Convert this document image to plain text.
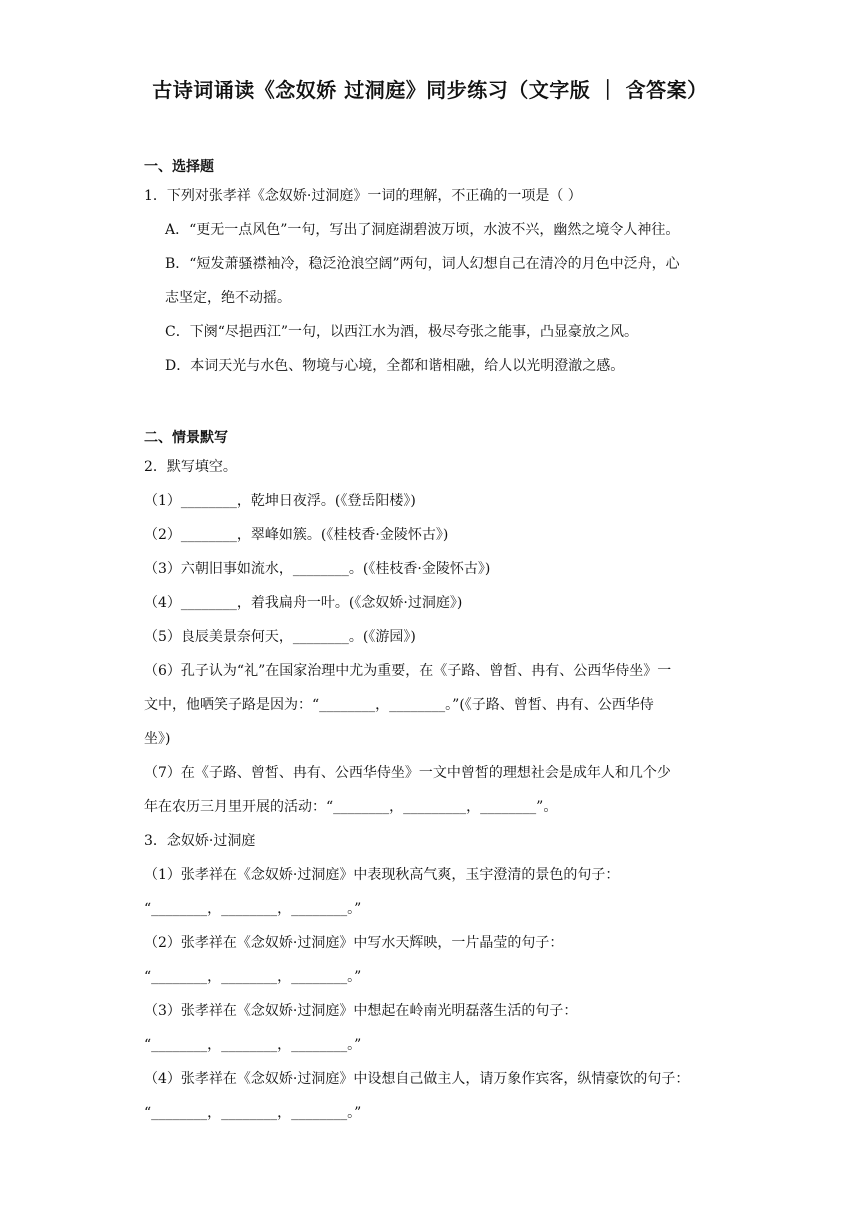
古诗词诵读《念奴娇 过洞庭》同步练习（文字版 ｜ 含答案）
一、选择题
1．下列对张孝祥《念奴娇·过洞庭》一词的理解，不正确的一项是（ ）
A．“更无一点风色”一句，写出了洞庭湖碧波万顷，水波不兴，幽然之境令人神往。
B．“短发萧骚襟袖冷，稳泛沧浪空阔”两句，词人幻想自己在清冷的月色中泛舟，心
志坚定，绝不动摇。
C．下阕“尽挹西江”一句，以西江水为酒，极尽夸张之能事，凸显豪放之风。
D．本词天光与水色、物境与心境，全都和谐相融，给人以光明澄澈之感。
二、情景默写
2．默写填空。
（1）________，乾坤日夜浮。(《登岳阳楼》)
（2）________，翠峰如簇。(《桂枝香·金陵怀古》)
（3）六朝旧事如流水，________。(《桂枝香·金陵怀古》)
（4）________，着我扁舟一叶。(《念奴娇·过洞庭》)
（5）良辰美景奈何天，________。(《游园》)
（6）孔子认为“礼”在国家治理中尤为重要，在《子路、曾皙、冉有、公西华侍坐》一
文中，他哂笑子路是因为：“________，________。”(《子路、曾皙、冉有、公西华侍
坐》)
（7）在《子路、曾皙、冉有、公西华侍坐》一文中曾皙的理想社会是成年人和几个少
年在农历三月里开展的活动：“________，_________，________”。
3．念奴娇·过洞庭
（1）张孝祥在《念奴娇·过洞庭》中表现秋高气爽，玉宇澄清的景色的句子：
“________，________，________。”
（2）张孝祥在《念奴娇·过洞庭》中写水天辉映，一片晶莹的句子：
“________，________，________。”
（3）张孝祥在《念奴娇·过洞庭》中想起在岭南光明磊落生活的句子：
“________，________，________。”
（4）张孝祥在《念奴娇·过洞庭》中设想自己做主人，请万象作宾客，纵情豪饮的句子：
“________，________，________。”
